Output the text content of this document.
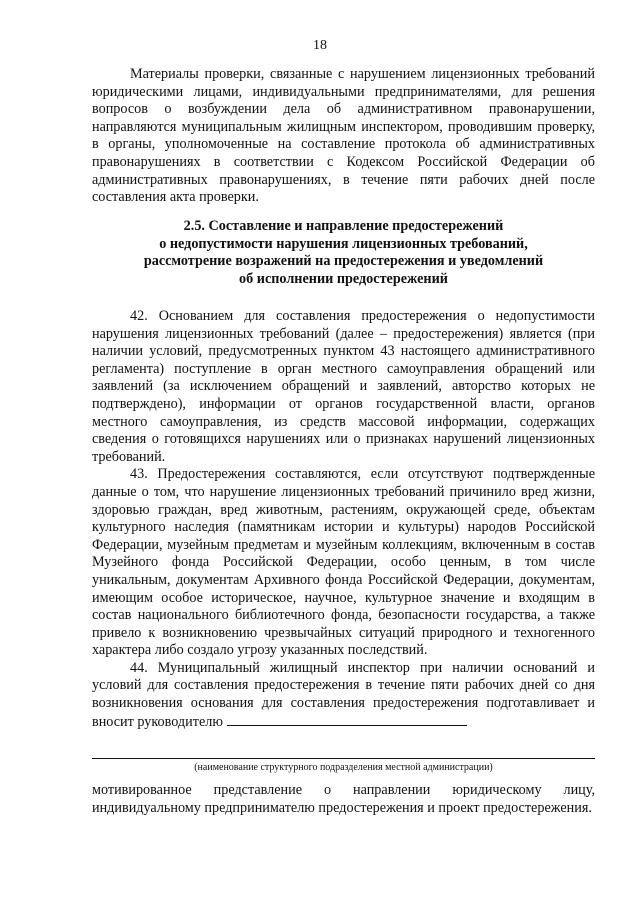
18

Материалы проверки, связанные с нарушением лицензионных требований юридическими лицами, индивидуальными предпринимателями, для решения вопросов о возбуждении дела об административном правонарушении, направляются муниципальным жилищным инспектором, проводившим проверку, в органы, уполномоченные на составление протокола об административных правонарушениях в соответствии с Кодексом Российской Федерации об административных правонарушениях, в течение пяти рабочих дней после составления акта проверки.

2.5. Составление и направление предостережений
о недопустимости нарушения лицензионных требований,
рассмотрение возражений на предостережения и уведомлений
об исполнении предостережений

42. Основанием для составления предостережения о недопустимости нарушения лицензионных требований (далее – предостережения) является (при наличии условий, предусмотренных пунктом 43 настоящего административного регламента) поступление в орган местного самоуправления обращений или заявлений (за исключением обращений и заявлений, авторство которых не подтверждено), информации от органов государственной власти, органов местного самоуправления, из средств массовой информации, содержащих сведения о готовящихся нарушениях или о признаках нарушений лицензионных требований.

43. Предостережения составляются, если отсутствуют подтвержденные данные о том, что нарушение лицензионных требований причинило вред жизни, здоровью граждан, вред животным, растениям, окружающей среде, объектам культурного наследия (памятникам истории и культуры) народов Российской Федерации, музейным предметам и музейным коллекциям, включенным в состав Музейного фонда Российской Федерации, особо ценным, в том числе уникальным, документам Архивного фонда Российской Федерации, документам, имеющим особое историческое, научное, культурное значение и входящим в состав национального библиотечного фонда, безопасности государства, а также привело к возникновению чрезвычайных ситуаций природного и техногенного характера либо создало угрозу указанных последствий.

44. Муниципальный жилищный инспектор при наличии оснований и условий для составления предостережения в течение пяти рабочих дней со дня возникновения основания для составления предостережения подготавливает и вносит руководителю

(наименование структурного подразделения местной администрации)

мотивированное представление о направлении юридическому лицу, индивидуальному предпринимателю предостережения и проект предостережения.
